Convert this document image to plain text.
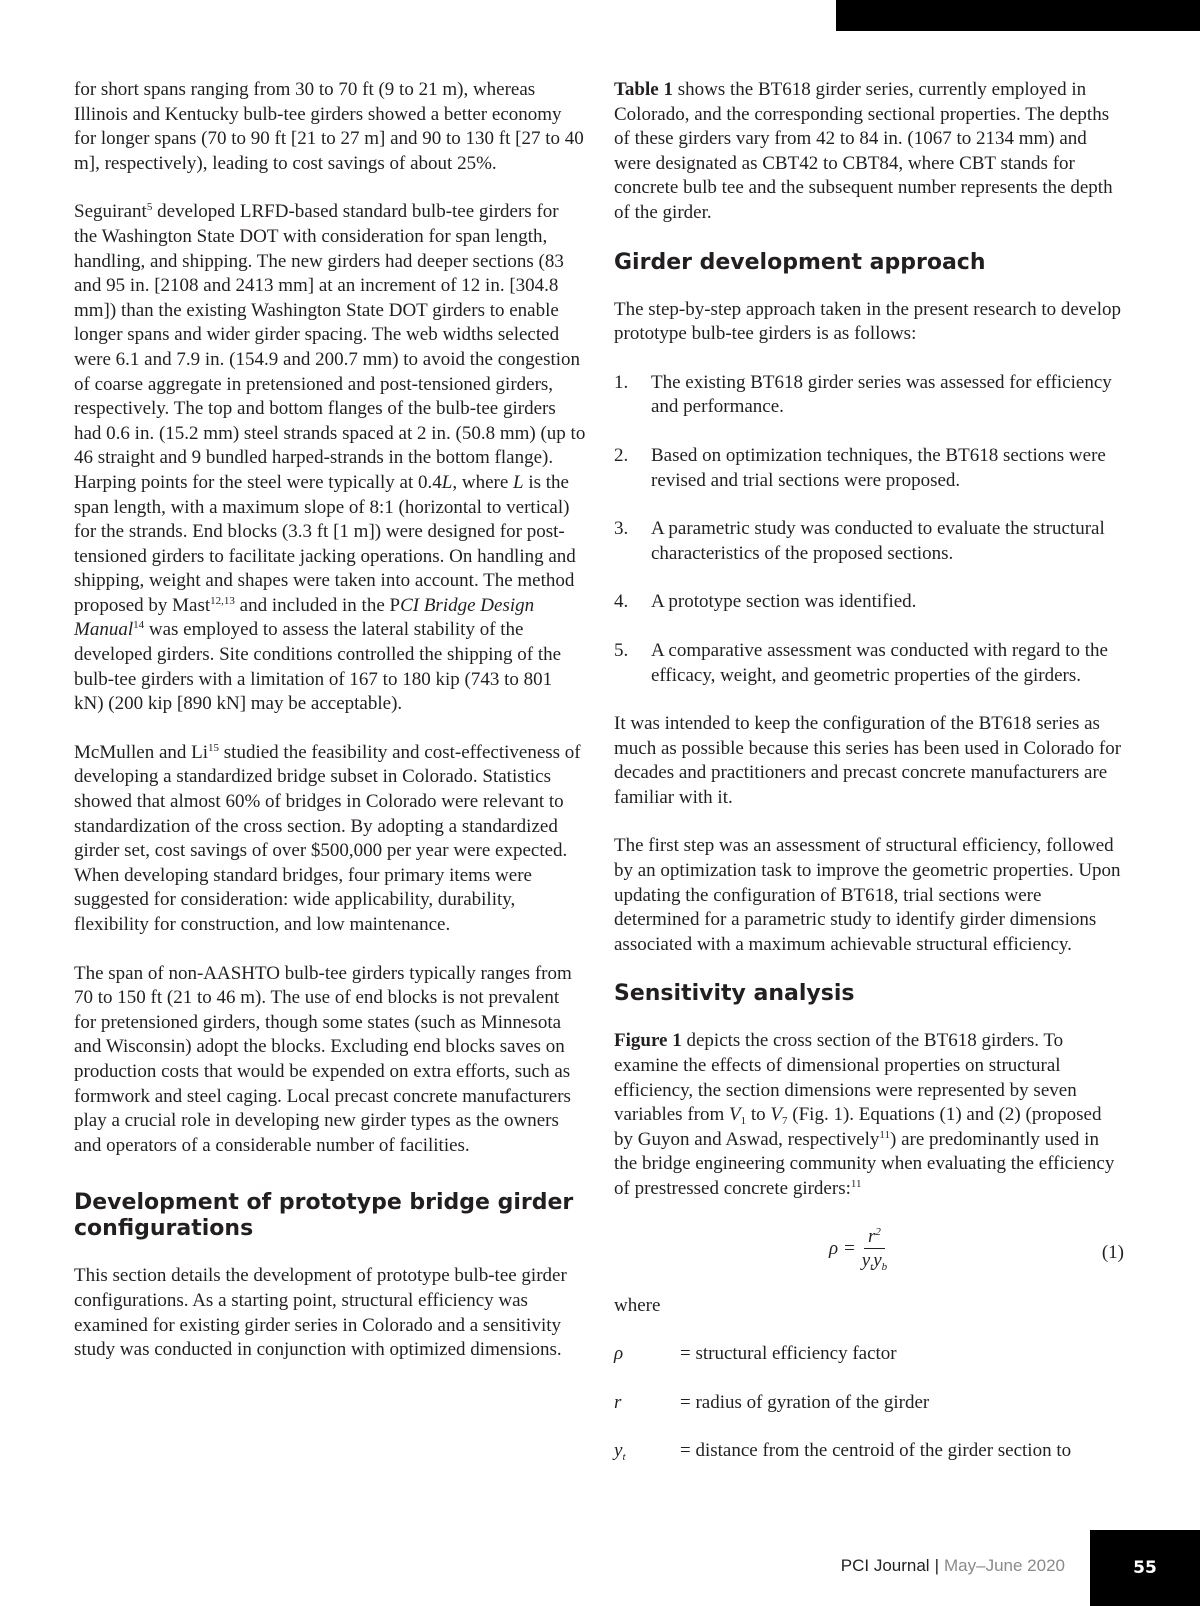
for short spans ranging from 30 to 70 ft (9 to 21 m), whereas Illinois and Kentucky bulb-tee girders showed a better economy for longer spans (70 to 90 ft [21 to 27 m] and 90 to 130 ft [27 to 40 m], respectively), leading to cost savings of about 25%.

Seguirant$^5$ developed LRFD-based standard bulb-tee girders for the Washington State DOT with consideration for span length, handling, and shipping. The new girders had deeper sections (83 and 95 in. [2108 and 2413 mm] at an increment of 12 in. [304.8 mm]) than the existing Washington State DOT girders to enable longer spans and wider girder spacing. The web widths selected were 6.1 and 7.9 in. (154.9 and 200.7 mm) to avoid the congestion of coarse aggregate in pretensioned and post-tensioned girders, respectively. The top and bottom flanges of the bulb-tee girders had 0.6 in. (15.2 mm) steel strands spaced at 2 in. (50.8 mm) (up to 46 straight and 9 bundled harped-strands in the bottom flange). Harping points for the steel were typically at 0.4L, where L is the span length, with a maximum slope of 8:1 (horizontal to vertical) for the strands. End blocks (3.3 ft [1 m]) were designed for post-tensioned girders to facilitate jacking operations. On handling and shipping, weight and shapes were taken into account. The method proposed by Mast$^{12,13}$ and included in the PCI Bridge Design Manual$^{14}$ was employed to assess the lateral stability of the developed girders. Site conditions controlled the shipping of the bulb-tee girders with a limitation of 167 to 180 kip (743 to 801 kN) (200 kip [890 kN] may be acceptable).

McMullen and Li$^{15}$ studied the feasibility and cost-effectiveness of developing a standardized bridge subset in Colorado. Statistics showed that almost 60% of bridges in Colorado were relevant to standardization of the cross section. By adopting a standardized girder set, cost savings of over $500,000 per year were expected. When developing standard bridges, four primary items were suggested for consideration: wide applicability, durability, flexibility for construction, and low maintenance.

The span of non-AASHTO bulb-tee girders typically ranges from 70 to 150 ft (21 to 46 m). The use of end blocks is not prevalent for pretensioned girders, though some states (such as Minnesota and Wisconsin) adopt the blocks. Excluding end blocks saves on production costs that would be expended on extra efforts, such as formwork and steel caging. Local precast concrete manufacturers play a crucial role in developing new girder types as the owners and operators of a considerable number of facilities.

Development of prototype bridge girder configurations

This section details the development of prototype bulb-tee girder configurations. As a starting point, structural efficiency was examined for existing girder series in Colorado and a sensitivity study was conducted in conjunction with optimized dimensions.

Table 1 shows the BT618 girder series, currently employed in Colorado, and the corresponding sectional properties. The depths of these girders vary from 42 to 84 in. (1067 to 2134 mm) and were designated as CBT42 to CBT84, where CBT stands for concrete bulb tee and the subsequent number represents the depth of the girder.

Girder development approach

The step-by-step approach taken in the present research to develop prototype bulb-tee girders is as follows:

1. The existing BT618 girder series was assessed for efficiency and performance.
2. Based on optimization techniques, the BT618 sections were revised and trial sections were proposed.
3. A parametric study was conducted to evaluate the structural characteristics of the proposed sections.
4. A prototype section was identified.
5. A comparative assessment was conducted with regard to the efficacy, weight, and geometric properties of the girders.

It was intended to keep the configuration of the BT618 series as much as possible because this series has been used in Colorado for decades and practitioners and precast concrete manufacturers are familiar with it.

The first step was an assessment of structural efficiency, followed by an optimization task to improve the geometric properties. Upon updating the configuration of BT618, trial sections were determined for a parametric study to identify girder dimensions associated with a maximum achievable structural efficiency.

Sensitivity analysis

Figure 1 depicts the cross section of the BT618 girders. To examine the effects of dimensional properties on structural efficiency, the section dimensions were represented by seven variables from $V_1$ to $V_7$ (Fig. 1). Equations (1) and (2) (proposed by Guyon and Aswad, respectively$^{11}$) are predominantly used in the bridge engineering community when evaluating the efficiency of prestressed concrete girders:$^{11}$

$\rho = \frac{r^2}{y_ty_b}$	(1)

where

ρ	= structural efficiency factor
r	= radius of gyration of the girder
$y_t$	= distance from the centroid of the girder section to
PCI Journal | May–June 2020	55
